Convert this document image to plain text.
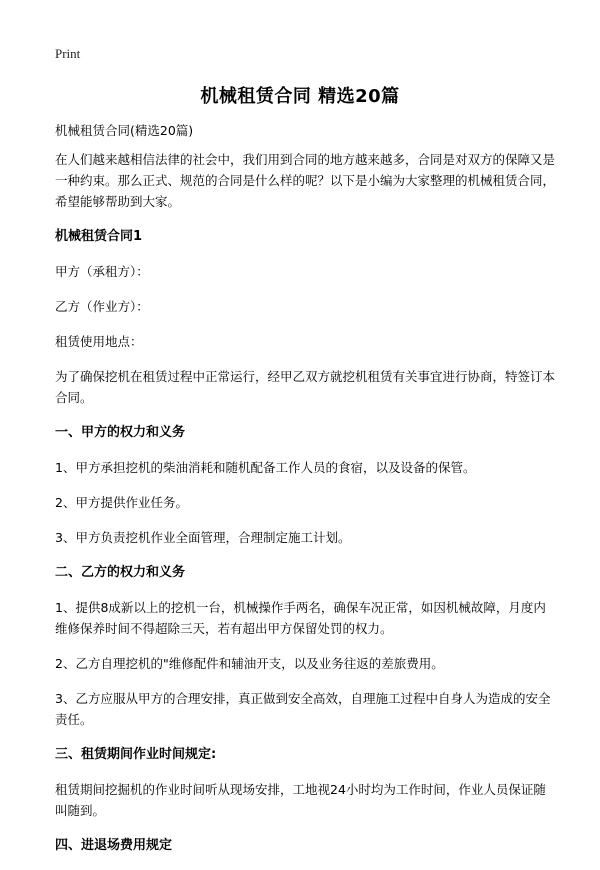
Print
机械租赁合同 精选20篇
机械租赁合同(精选20篇)
在人们越来越相信法律的社会中，我们用到合同的地方越来越多，合同是对双方的保障又是一种约束。那么正式、规范的合同是什么样的呢？以下是小编为大家整理的机械租赁合同，希望能够帮助到大家。
机械租赁合同1
甲方（承租方）：
乙方（作业方）：
租赁使用地点：
为了确保挖机在租赁过程中正常运行，经甲乙双方就挖机租赁有关事宜进行协商，特签订本合同。
一、甲方的权力和义务
1、甲方承担挖机的柴油消耗和随机配备工作人员的食宿，以及设备的保管。
2、甲方提供作业任务。
3、甲方负责挖机作业全面管理，合理制定施工计划。
二、乙方的权力和义务
1、提供8成新以上的挖机一台，机械操作手两名，确保车况正常，如因机械故障，月度内维修保养时间不得超除三天，若有超出甲方保留处罚的权力。
2、乙方自理挖机的"维修配件和辅油开支，以及业务往返的差旅费用。
3、乙方应服从甲方的合理安排，真正做到安全高效，自理施工过程中自身人为造成的安全责任。
三、租赁期间作业时间规定:
租赁期间挖掘机的作业时间听从现场安排，工地视24小时均为工作时间，作业人员保证随叫随到。
四、进退场费用规定
